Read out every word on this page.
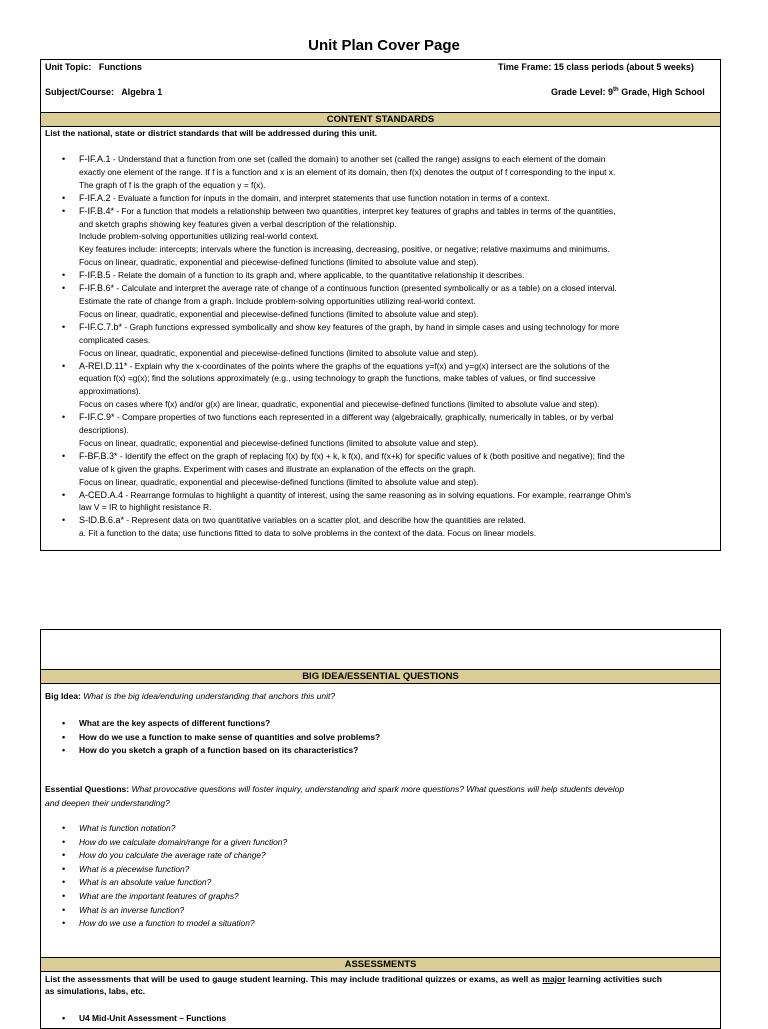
Unit Plan Cover Page
Unit Topic: Functions	Time Frame: 15 class periods (about 5 weeks)
Subject/Course: Algebra 1	Grade Level: 9th Grade, High School
CONTENT STANDARDS
List the national, state or district standards that will be addressed during this unit.
• F-IF.A.1 - Understand that a function from one set (called the domain) to another set (called the range) assigns to each element of the domain
exactly one element of the range. If f is a function and x is an element of its domain, then f(x) denotes the output of f corresponding to the input x.
The graph of f is the graph of the equation y = f(x).
• F-IF.A.2 - Evaluate a function for inputs in the domain, and interpret statements that use function notation in terms of a context.
• F-IF.B.4* - For a function that models a relationship between two quantities, interpret key features of graphs and tables in terms of the quantities,
and sketch graphs showing key features given a verbal description of the relationship.
Include problem-solving opportunities utilizing real-world context.
Key features include: intercepts; intervals where the function is increasing, decreasing, positive, or negative; relative maximums and minimums.
Focus on linear, quadratic, exponential and piecewise-defined functions (limited to absolute value and step).
• F-IF.B.5 - Relate the domain of a function to its graph and, where applicable, to the quantitative relationship it describes.
• F-IF.B.6* - Calculate and interpret the average rate of change of a continuous function (presented symbolically or as a table) on a closed interval.
Estimate the rate of change from a graph. Include problem-solving opportunities utilizing real-world context.
Focus on linear, quadratic, exponential and piecewise-defined functions (limited to absolute value and step).
• F-IF.C.7.b* - Graph functions expressed symbolically and show key features of the graph, by hand in simple cases and using technology for more
complicated cases.
Focus on linear, quadratic, exponential and piecewise-defined functions (limited to absolute value and step).
• A-REI.D.11* - Explain why the x-coordinates of the points where the graphs of the equations y=f(x) and y=g(x) intersect are the solutions of the
equation f(x) =g(x); find the solutions approximately (e.g., using technology to graph the functions, make tables of values, or find successive
approximations).
Focus on cases where f(x) and/or g(x) are linear, quadratic, exponential and piecewise-defined functions (limited to absolute value and step).
• F-IF.C.9* - Compare properties of two functions each represented in a different way (algebraically, graphically, numerically in tables, or by verbal
descriptions).
Focus on linear, quadratic, exponential and piecewise-defined functions (limited to absolute value and step).
• F-BF.B.3* - Identify the effect on the graph of replacing f(x) by f(x) + k, k f(x), and f(x+k) for specific values of k (both positive and negative); find the
value of k given the graphs. Experiment with cases and illustrate an explanation of the effects on the graph.
Focus on linear, quadratic, exponential and piecewise-defined functions (limited to absolute value and step).
• A-CED.A.4 - Rearrange formulas to highlight a quantity of interest, using the same reasoning as in solving equations. For example, rearrange Ohm's
law V = IR to highlight resistance R.
• S-ID.B.6.a* - Represent data on two quantitative variables on a scatter plot, and describe how the quantities are related.
a. Fit a function to the data; use functions fitted to data to solve problems in the context of the data. Focus on linear models.
BIG IDEA/ESSENTIAL QUESTIONS
Big Idea: What is the big idea/enduring understanding that anchors this unit?
• What are the key aspects of different functions?
• How do we use a function to make sense of quantities and solve problems?
• How do you sketch a graph of a function based on its characteristics?
Essential Questions: What provocative questions will foster inquiry, understanding and spark more questions? What questions will help students develop
and deepen their understanding?
• What is function notation?
• How do we calculate domain/range for a given function?
• How do you calculate the average rate of change?
• What is a piecewise function?
• What is an absolute value function?
• What are the important features of graphs?
• What is an inverse function?
• How do we use a function to model a situation?
ASSESSMENTS
List the assessments that will be used to gauge student learning. This may include traditional quizzes or exams, as well as major learning activities such
as simulations, labs, etc.
• U4 Mid-Unit Assessment – Functions
